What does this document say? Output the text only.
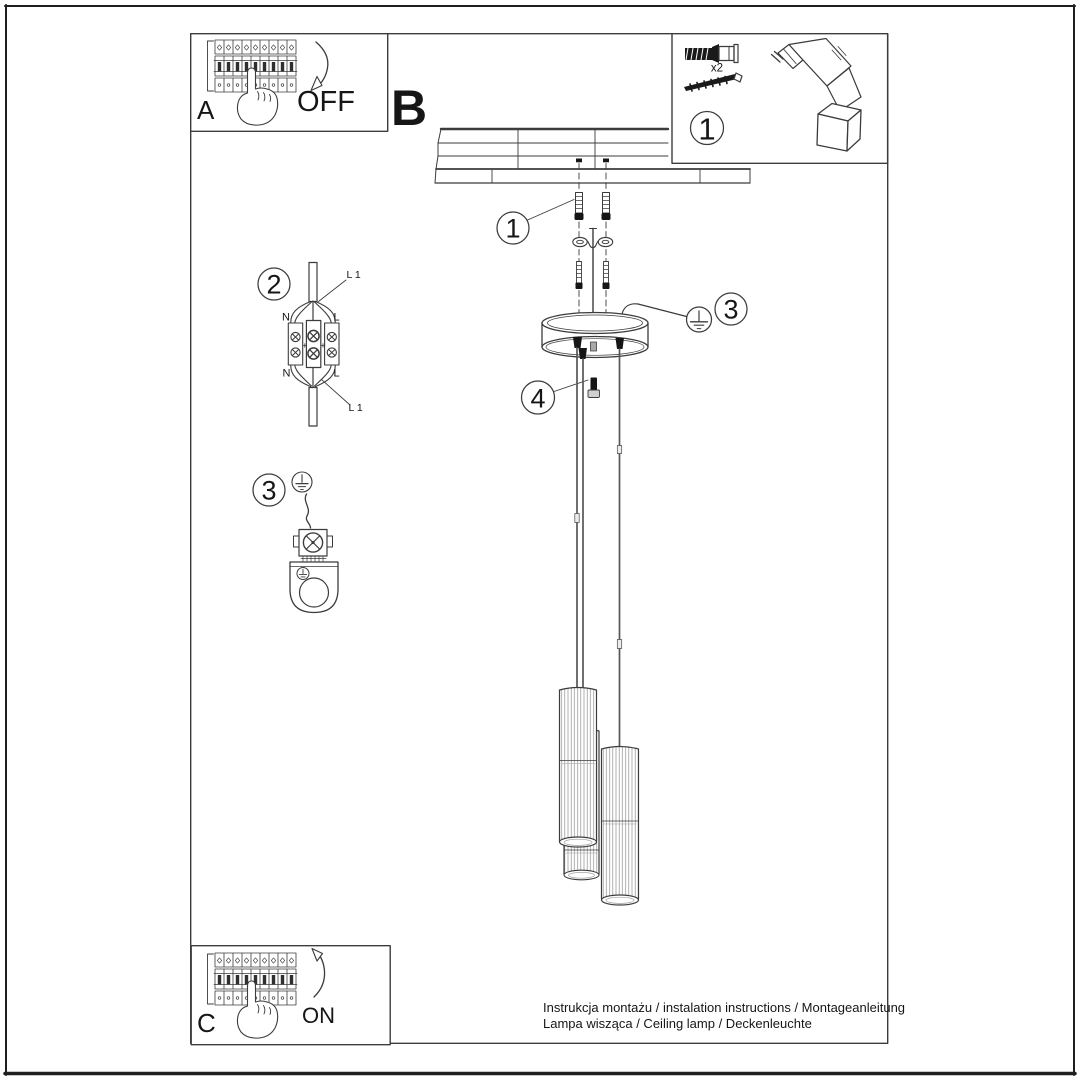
A	OFF B
C	ON
x2
1
1
2
3
3
4
N	L
N	L
L 1
L 1
Instrukcja montażu / instalation instructions / Montageanleitung
Lampa wisząca / Ceiling lamp / Deckenleuchte
